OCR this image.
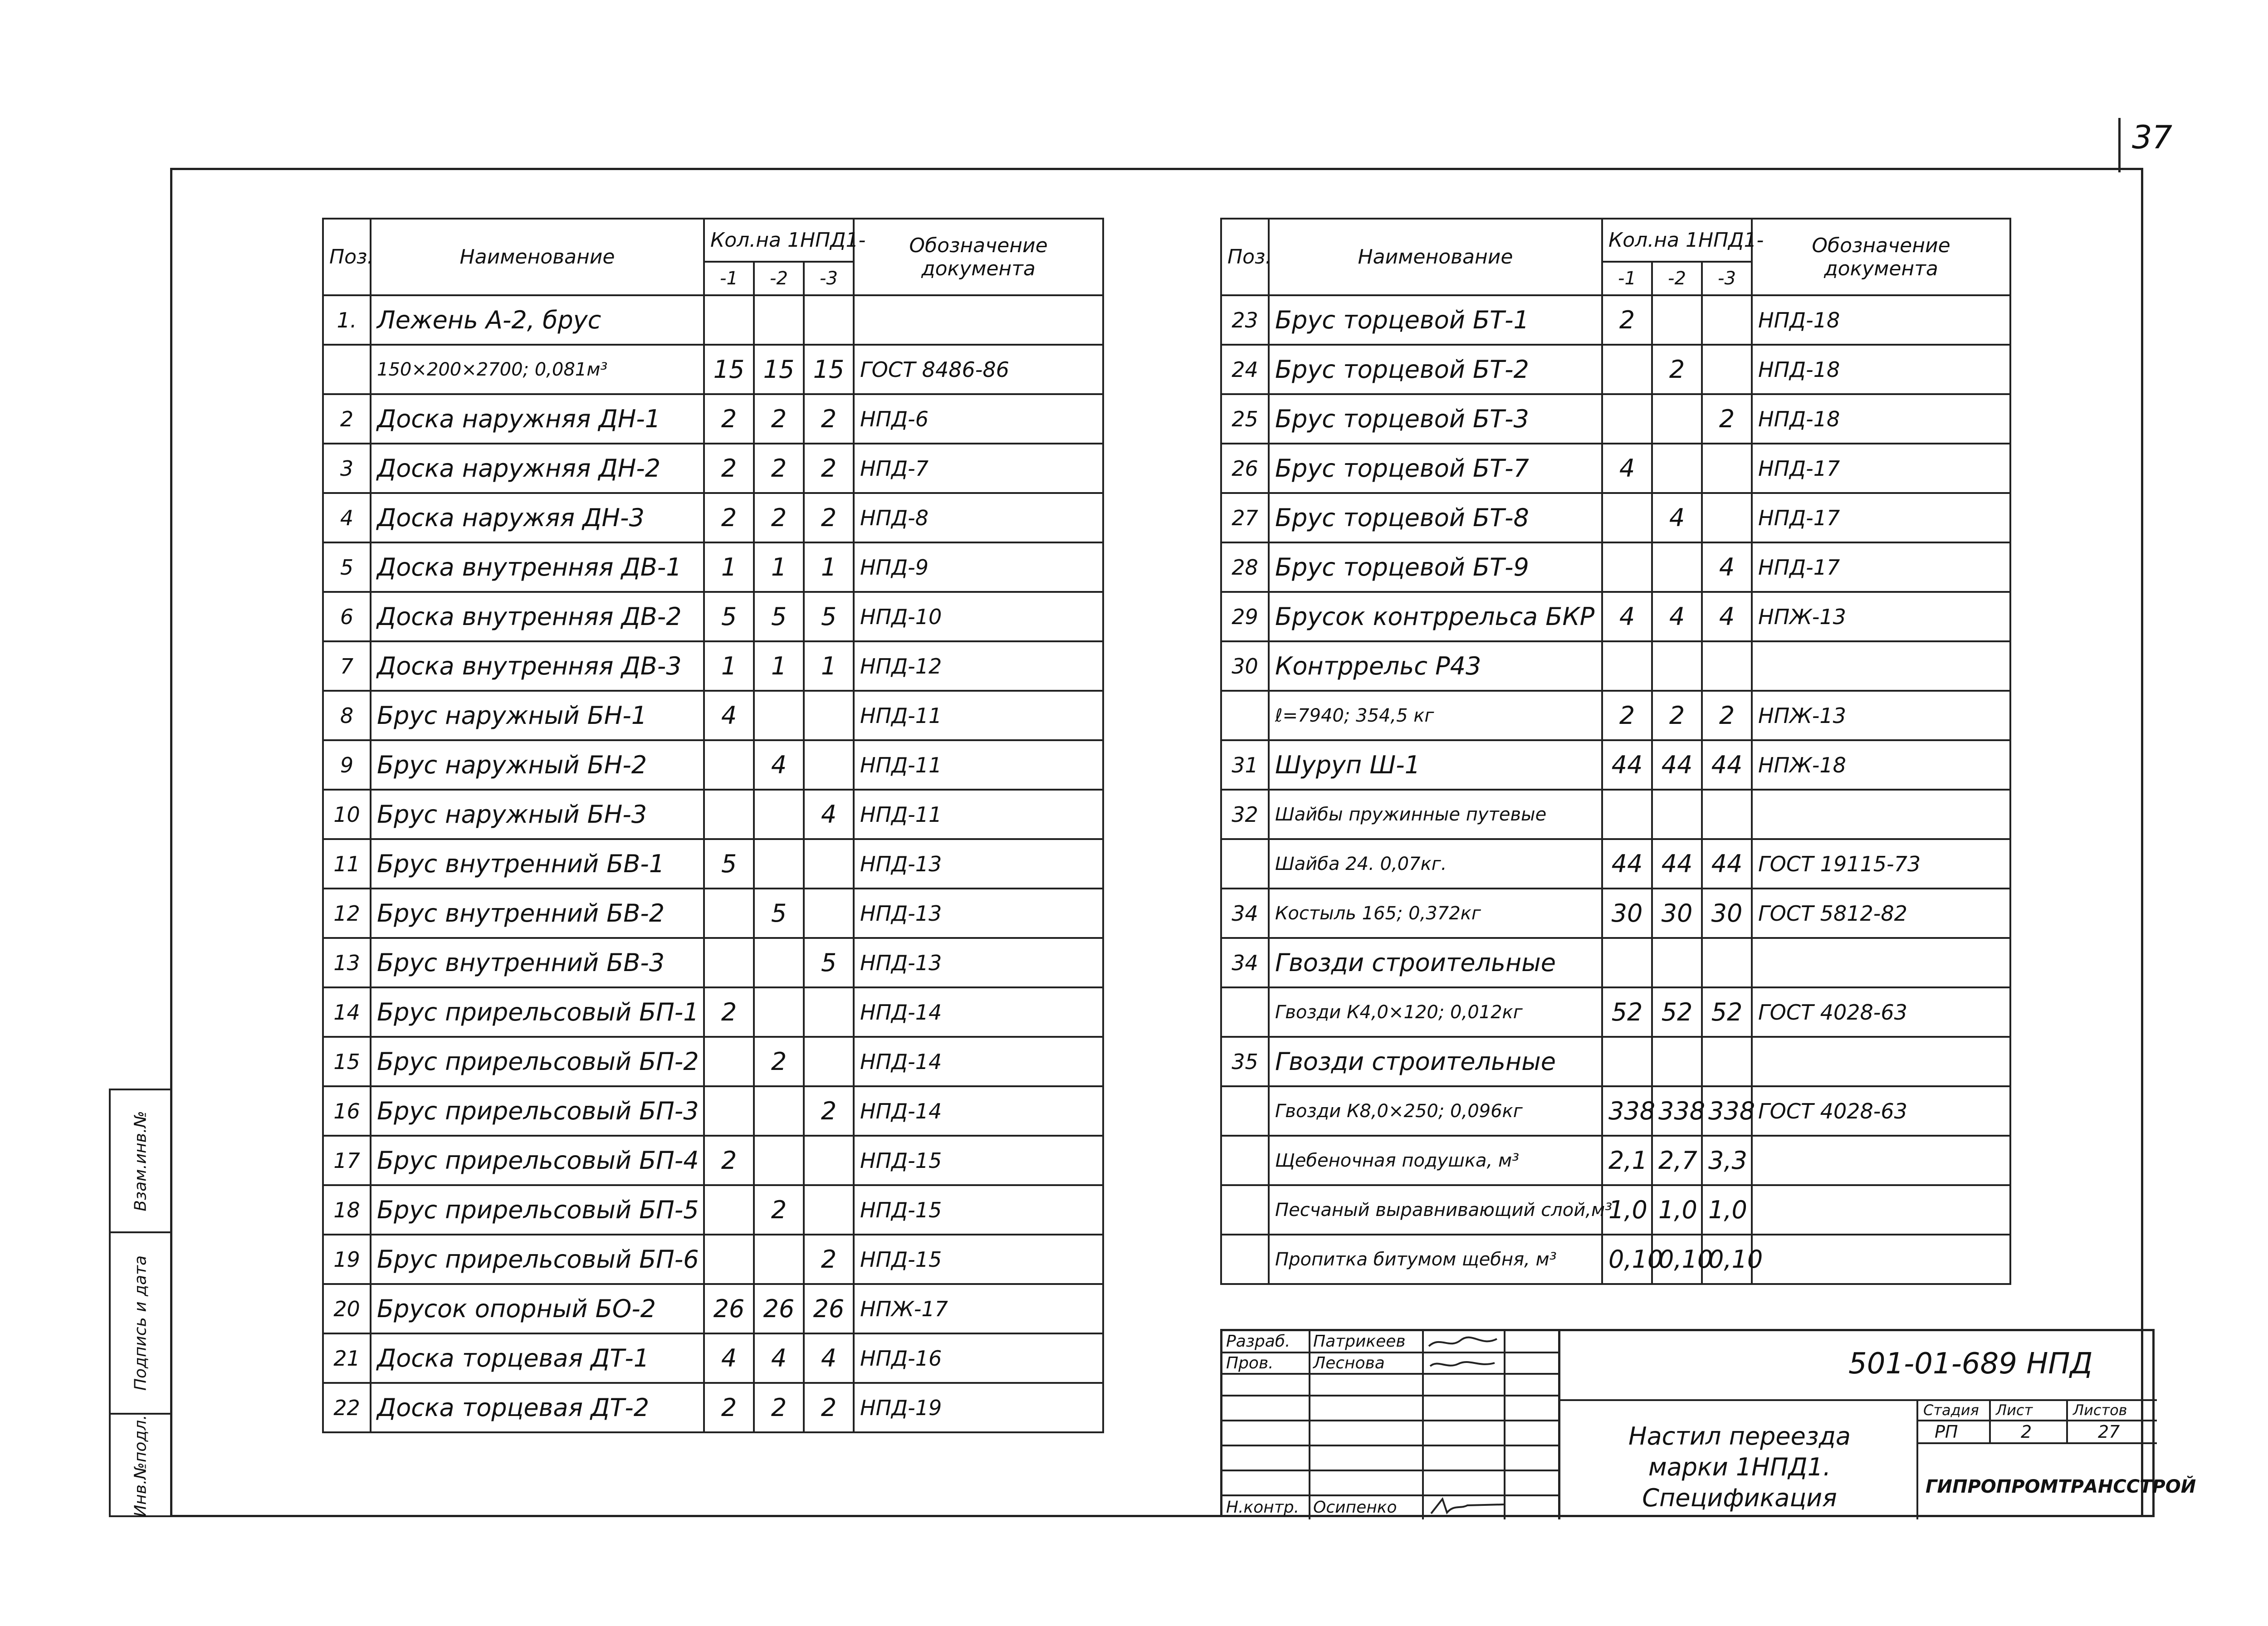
37
Взам.инв.№
Подпись и дата
Инв.№подл.
Поз.	Наименование	Кол.на 1НПД1-			Обозначение документа
		-1	-2	-3	
1.	Лежень А-2, брус				
	150×200×2700; 0,081м³	15	15	15	ГОСТ 8486-86
2	Доска наружняя ДН-1	2	2	2	НПД-6
3	Доска наружняя ДН-2	2	2	2	НПД-7
4	Доска наружяя ДН-3	2	2	2	НПД-8
5	Доска внутренняя ДВ-1	1	1	1	НПД-9
6	Доска внутренняя ДВ-2	5	5	5	НПД-10
7	Доска внутренняя ДВ-3	1	1	1	НПД-12
8	Брус наружный БН-1	4			НПД-11
9	Брус наружный БН-2		4		НПД-11
10	Брус наружный БН-3			4	НПД-11
11	Брус внутренний БВ-1	5			НПД-13
12	Брус внутренний БВ-2		5		НПД-13
13	Брус внутренний БВ-3			5	НПД-13
14	Брус прирельсовый БП-1	2			НПД-14
15	Брус прирельсовый БП-2		2		НПД-14
16	Брус прирельсовый БП-3			2	НПД-14
17	Брус прирельсовый БП-4	2			НПД-15
18	Брус прирельсовый БП-5		2		НПД-15
19	Брус прирельсовый БП-6			2	НПД-15
20	Брусок опорный БО-2	26	26	26	НПЖ-17
21	Доска торцевая ДТ-1	4	4	4	НПД-16
22	Доска торцевая ДТ-2	2	2	2	НПД-19
Поз.	Наименование	Кол.на 1НПД1-			Обозначение документа
		-1	-2	-3	
23	Брус торцевой БТ-1	2			НПД-18
24	Брус торцевой БТ-2		2		НПД-18
25	Брус торцевой БТ-3			2	НПД-18
26	Брус торцевой БТ-7	4			НПД-17
27	Брус торцевой БТ-8		4		НПД-17
28	Брус торцевой БТ-9			4	НПД-17
29	Брусок контррельса БКР	4	4	4	НПЖ-13
30	Контррельс Р43				
	ℓ=7940; 354,5 кг	2	2	2	НПЖ-13
31	Шуруп Ш-1	44	44	44	НПЖ-18
32	Шайбы пружинные путевые				
	Шайба 24. 0,07кг.	44	44	44	ГОСТ 19115-73
34	Костыль 165; 0,372кг	30	30	30	ГОСТ 5812-82
34	Гвозди строительные				
	Гвозди К4,0×120; 0,012кг	52	52	52	ГОСТ 4028-63
35	Гвозди строительные				
	Гвозди К8,0×250; 0,096кг	338	338	338	ГОСТ 4028-63
	Щебеночная подушка, м³	2,1	2,7	3,3	
	Песчаный выравнивающий слой,м³	1,0	1,0	1,0	
	Пропитка битумом щебня, м³	0,10	0,10	0,10	
Разраб. Патрикеев
Пров. Леснова
Н.контр. Осипенко
501-01-689 НПД
Настил переезда
марки 1НПД1.
Спецификация
Стадия Лист	Листов
РП	2	27
ГИПРОПРОМТРАНССТРОЙ
